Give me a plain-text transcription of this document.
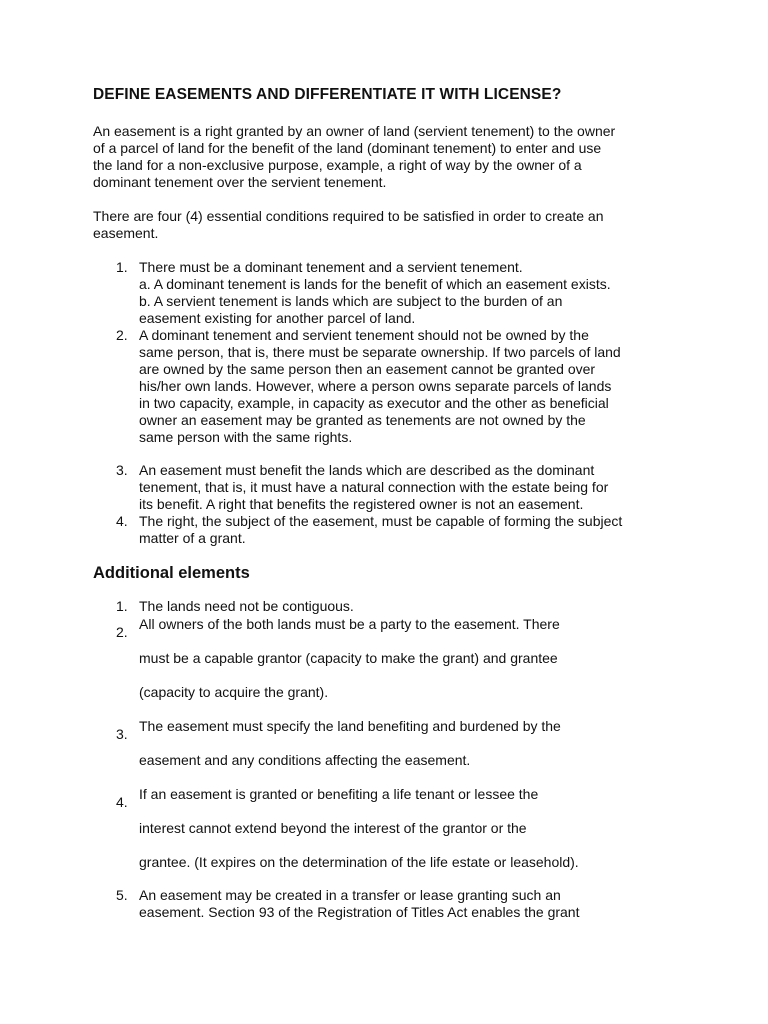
DEFINE EASEMENTS AND DIFFERENTIATE IT WITH LICENSE?

An easement is a right granted by an owner of land (servient tenement) to the owner
of a parcel of land for the benefit of the land (dominant tenement) to enter and use
the land for a non-exclusive purpose, example, a right of way by the owner of a
dominant tenement over the servient tenement.

There are four (4) essential conditions required to be satisfied in order to create an
easement.

1. There must be a dominant tenement and a servient tenement.
a. A dominant tenement is lands for the benefit of which an easement exists.
b. A servient tenement is lands which are subject to the burden of an
easement existing for another parcel of land.
2. A dominant tenement and servient tenement should not be owned by the
same person, that is, there must be separate ownership. If two parcels of land
are owned by the same person then an easement cannot be granted over
his/her own lands. However, where a person owns separate parcels of lands
in two capacity, example, in capacity as executor and the other as beneficial
owner an easement may be granted as tenements are not owned by the
same person with the same rights.
3. An easement must benefit the lands which are described as the dominant
tenement, that is, it must have a natural connection with the estate being for
its benefit. A right that benefits the registered owner is not an easement.
4. The right, the subject of the easement, must be capable of forming the subject
matter of a grant.
Additional elements
1. The lands need not be contiguous.
2. All owners of the both lands must be a party to the easement. There
must be a capable grantor (capacity to make the grant) and grantee
(capacity to acquire the grant).
3. The easement must specify the land benefiting and burdened by the
easement and any conditions affecting the easement.
4. If an easement is granted or benefiting a life tenant or lessee the
interest cannot extend beyond the interest of the grantor or the
grantee. (It expires on the determination of the life estate or leasehold).
5. An easement may be created in a transfer or lease granting such an
easement. Section 93 of the Registration of Titles Act enables the grant
